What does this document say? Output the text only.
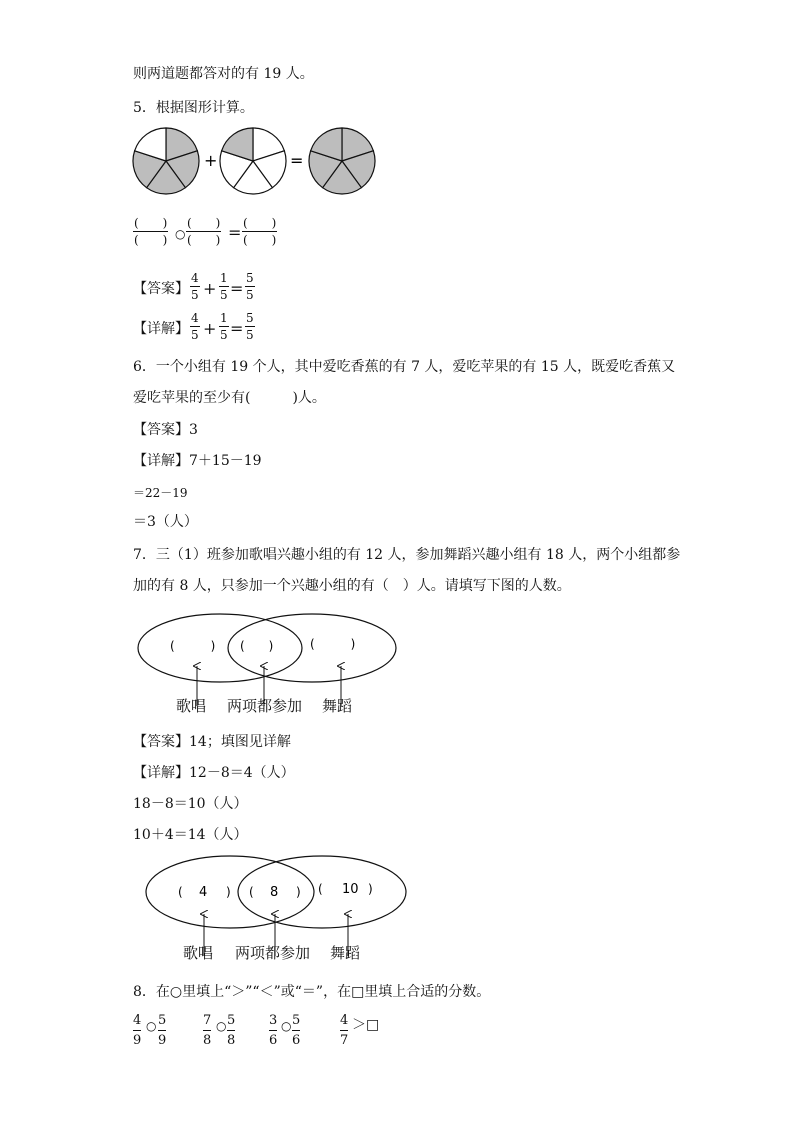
则两道题都答对的有 19 人。
5．根据图形计算。
+	=
(　　)
(　　) ○
(　　)
(　　) = (　　)
(　　)
【答案】 $\frac{4}{5} + \frac{1}{5} = \frac{5}{5}$
【详解】 $\frac{4}{5} + \frac{1}{5} = \frac{5}{5}$
6．一个小组有 19 个人，其中爱吃香蕉的有 7 人，爱吃苹果的有 15 人，既爱吃香蕉又
爱吃苹果的至少有(　　　)人。
【答案】3
【详解】7＋15－19
＝22－19
＝3（人）
7．三（1）班参加歌唱兴趣小组的有 12 人，参加舞蹈兴趣小组有 18 人，两个小组都参
加的有 8 人，只参加一个兴趣小组的有（　）人。请填写下图的人数。
(　　　) (　　)	(　　　)
歌唱 两项都参加 舞蹈
【答案】14；填图见详解
【详解】12－8＝4（人）
18－8＝10（人）
10＋4＝14（人）
( 4 ) ( 8 ) ( 10 )
歌唱 两项都参加 舞蹈
8．在○里填上“＞”“＜”或“＝”，在□里填上合适的分数。
4
9
○ 5
9
7
8
○ 5
8
3
6
○ 5
6
4
7
＞□
